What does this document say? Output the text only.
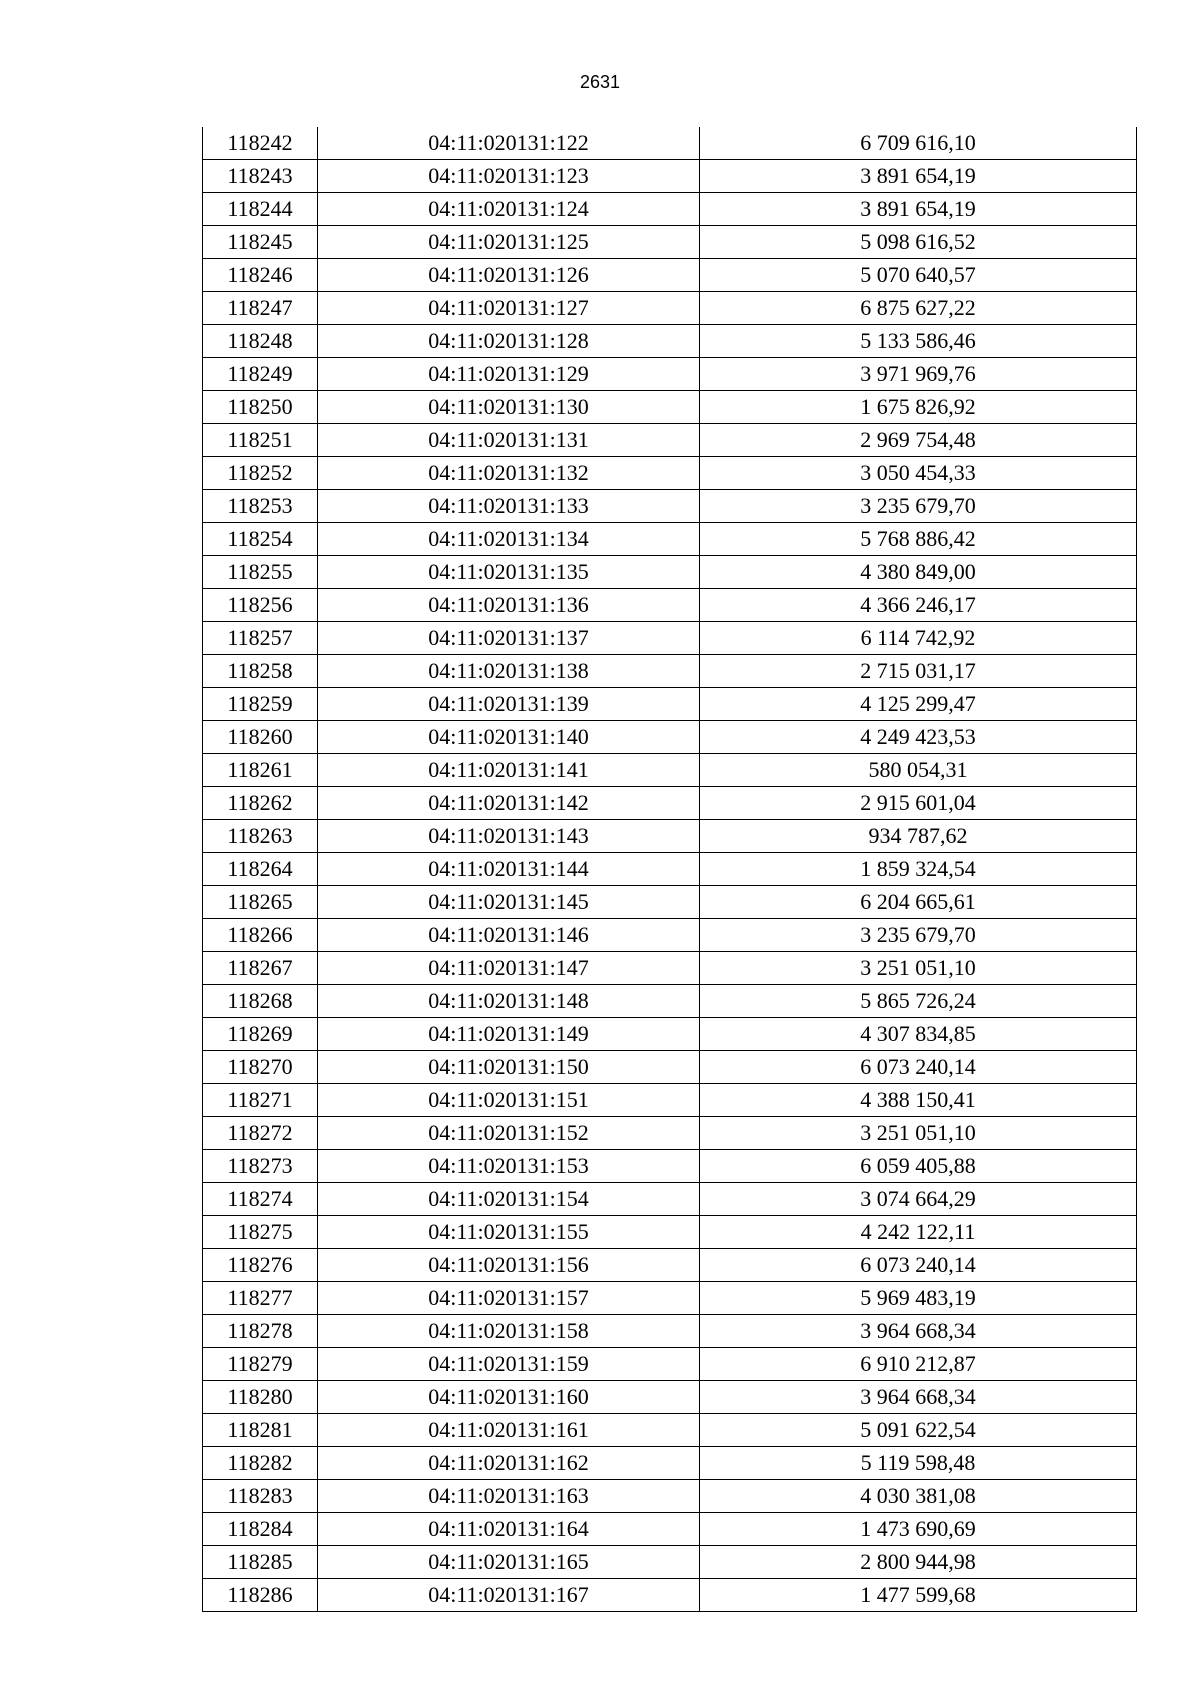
2631
118242	04:11:020131:122	6 709 616,10
118243	04:11:020131:123	3 891 654,19
118244	04:11:020131:124	3 891 654,19
118245	04:11:020131:125	5 098 616,52
118246	04:11:020131:126	5 070 640,57
118247	04:11:020131:127	6 875 627,22
118248	04:11:020131:128	5 133 586,46
118249	04:11:020131:129	3 971 969,76
118250	04:11:020131:130	1 675 826,92
118251	04:11:020131:131	2 969 754,48
118252	04:11:020131:132	3 050 454,33
118253	04:11:020131:133	3 235 679,70
118254	04:11:020131:134	5 768 886,42
118255	04:11:020131:135	4 380 849,00
118256	04:11:020131:136	4 366 246,17
118257	04:11:020131:137	6 114 742,92
118258	04:11:020131:138	2 715 031,17
118259	04:11:020131:139	4 125 299,47
118260	04:11:020131:140	4 249 423,53
118261	04:11:020131:141	580 054,31
118262	04:11:020131:142	2 915 601,04
118263	04:11:020131:143	934 787,62
118264	04:11:020131:144	1 859 324,54
118265	04:11:020131:145	6 204 665,61
118266	04:11:020131:146	3 235 679,70
118267	04:11:020131:147	3 251 051,10
118268	04:11:020131:148	5 865 726,24
118269	04:11:020131:149	4 307 834,85
118270	04:11:020131:150	6 073 240,14
118271	04:11:020131:151	4 388 150,41
118272	04:11:020131:152	3 251 051,10
118273	04:11:020131:153	6 059 405,88
118274	04:11:020131:154	3 074 664,29
118275	04:11:020131:155	4 242 122,11
118276	04:11:020131:156	6 073 240,14
118277	04:11:020131:157	5 969 483,19
118278	04:11:020131:158	3 964 668,34
118279	04:11:020131:159	6 910 212,87
118280	04:11:020131:160	3 964 668,34
118281	04:11:020131:161	5 091 622,54
118282	04:11:020131:162	5 119 598,48
118283	04:11:020131:163	4 030 381,08
118284	04:11:020131:164	1 473 690,69
118285	04:11:020131:165	2 800 944,98
118286	04:11:020131:167	1 477 599,68
